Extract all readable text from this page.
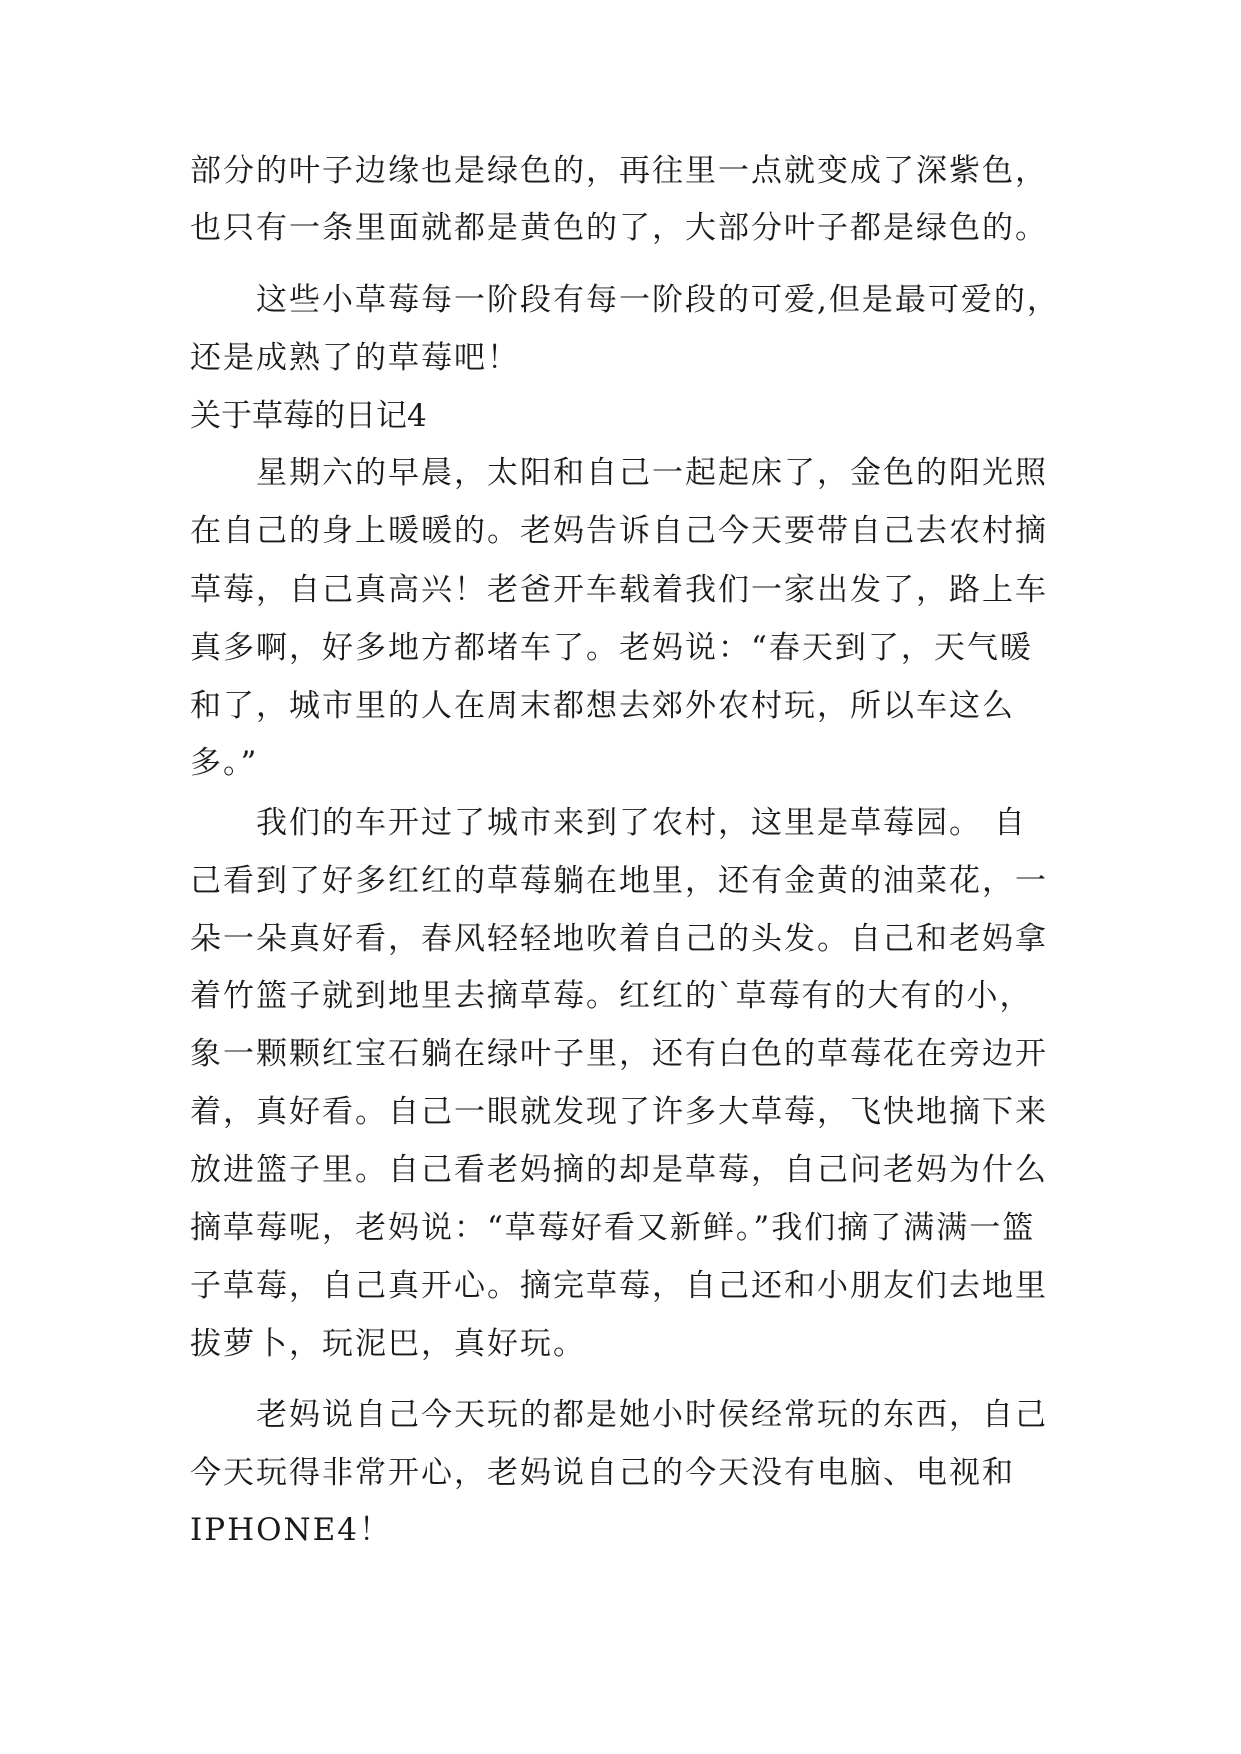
部分的叶子边缘也是绿色的，再往里一点就变成了深紫色，

也只有一条里面就都是黄色的了，大部分叶子都是绿色的。

　　这些小草莓每一阶段有每一阶段的可爱,但是最可爱的，

还是成熟了的草莓吧！

关于草莓的日记4

　　星期六的早晨，太阳和自己一起起床了，金色的阳光照

在自己的身上暖暖的。老妈告诉自己今天要带自己去农村摘

草莓，自己真高兴！老爸开车载着我们一家出发了，路上车

真多啊，好多地方都堵车了。老妈说：“春天到了，天气暖

和了，城市里的人在周末都想去郊外农村玩，所以车这么

多。”

　　我们的车开过了城市来到了农村，这里是草莓园。 自

己看到了好多红红的草莓躺在地里，还有金黄的油菜花，一

朵一朵真好看，春风轻轻地吹着自己的头发。自己和老妈拿

着竹篮子就到地里去摘草莓。红红的`草莓有的大有的小，

象一颗颗红宝石躺在绿叶子里，还有白色的草莓花在旁边开

着，真好看。自己一眼就发现了许多大草莓，飞快地摘下来

放进篮子里。自己看老妈摘的却是草莓，自己问老妈为什么

摘草莓呢，老妈说：“草莓好看又新鲜。”我们摘了满满一篮

子草莓，自己真开心。摘完草莓，自己还和小朋友们去地里

拔萝卜，玩泥巴，真好玩。

　　老妈说自己今天玩的都是她小时侯经常玩的东西，自己

今天玩得非常开心，老妈说自己的今天没有电脑、电视和

IPHONE4！
